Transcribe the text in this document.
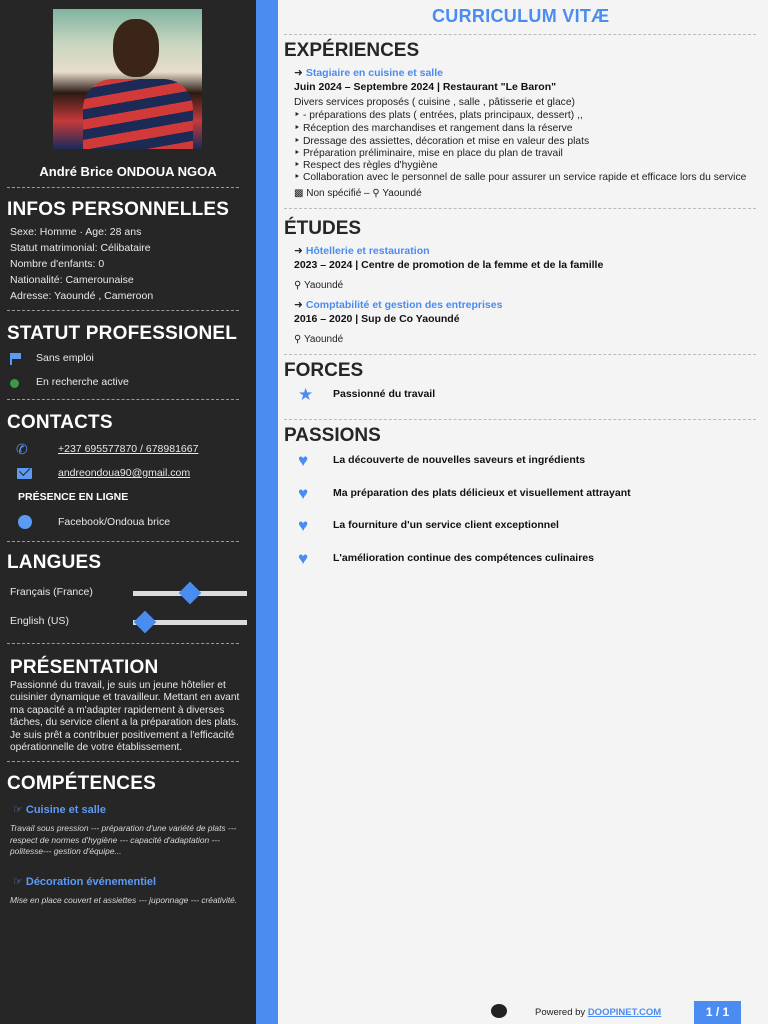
André Brice ONDOUA NGOA
INFOS PERSONNELLES
Sexe: Homme · Age: 28 ans
Statut matrimonial: Célibataire
Nombre d'enfants: 0
Nationalité: Camerounaise
Adresse: Yaoundé , Cameroon
STATUT PROFESSIONEL
Sans emploi
En recherche active
CONTACTS
✆	+237 695577870 / 678981667
andreondoua90@gmail.com
PRÉSENCE EN LIGNE
Facebook/Ondoua brice
LANGUES
Français (France)
English (US)
PRÉSENTATION
Passionné du travail, je suis un jeune hôtelier et cuisinier dynamique et travailleur. Mettant en avant ma capacité a m'adapter rapidement à diverses tâches, du service client a la préparation des plats. Je suis prêt a contribuer positivement a l'efficacité opérationnelle de votre établissement.
COMPÉTENCES
☞ Cuisine et salle
Travail sous pression --- préparation d'une variété de plats --- respect de normes d'hygiène --- capacité d'adaptation --- politesse--- gestion d'équipe...
☞ Décoration événementiel
Mise en place couvert et assiettes --- juponnage --- créativité.
CURRICULUM VITÆ
EXPÉRIENCES
➜ Stagiaire en cuisine et salle
Juin 2024 – Septembre 2024 | Restaurant "Le Baron"
Divers services proposés ( cuisine , salle , pâtisserie et glace)
‣ - préparations des plats ( entrées, plats principaux, dessert) ,,
‣ Réception des marchandises et rangement dans la réserve
‣ Dressage des assiettes, décoration et mise en valeur des plats
‣ Préparation préliminaire, mise en place du plan de travail
‣ Respect des règles d'hygiène
‣ Collaboration avec le personnel de salle pour assurer un service rapide et efficace lors du service
▩ Non spécifié – ⚲ Yaoundé
ÉTUDES
➜ Hôtellerie et restauration
2023 – 2024 | Centre de promotion de la femme et de la famille
⚲ Yaoundé
➜ Comptabilité et gestion des entreprises
2016 – 2020 | Sup de Co Yaoundé
⚲ Yaoundé
FORCES
★	Passionné du travail
PASSIONS
♥	La découverte de nouvelles saveurs et ingrédients
♥	Ma préparation des plats délicieux et visuellement attrayant
♥	La fourniture d'un service client exceptionnel
♥	L'amélioration continue des compétences culinaires
Powered by DOOPINET.COM	1 / 1
